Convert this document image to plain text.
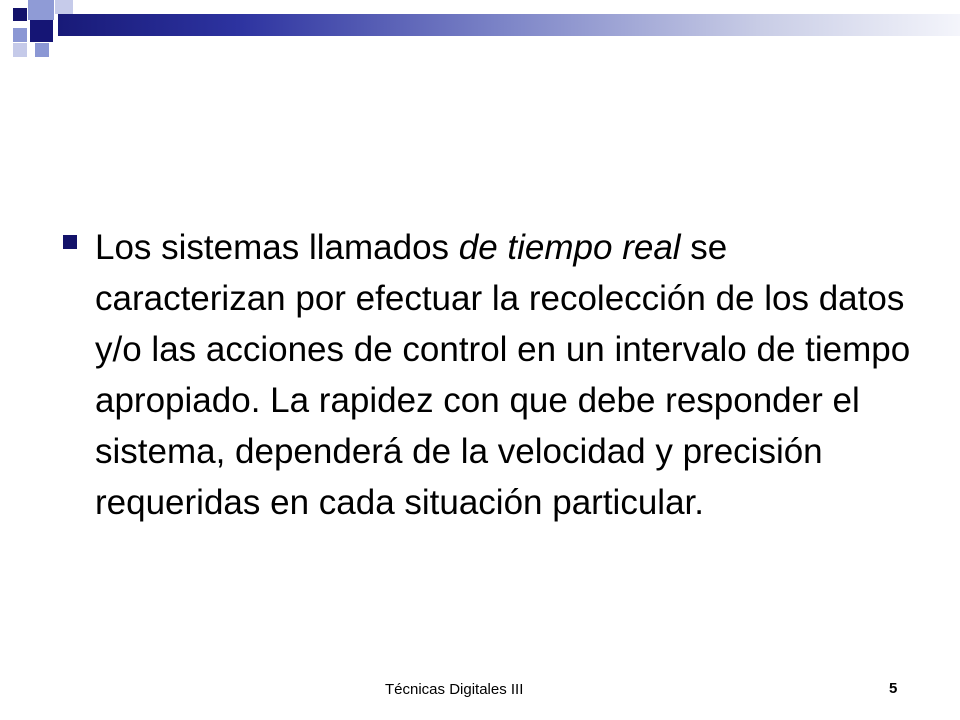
Los sistemas llamados de tiempo real se caracterizan por efectuar la recolección de los datos y/o las acciones de control en un intervalo de tiempo apropiado. La rapidez con que debe responder el sistema, dependerá de la velocidad y precisión requeridas en cada situación particular.
Técnicas Digitales III	5
